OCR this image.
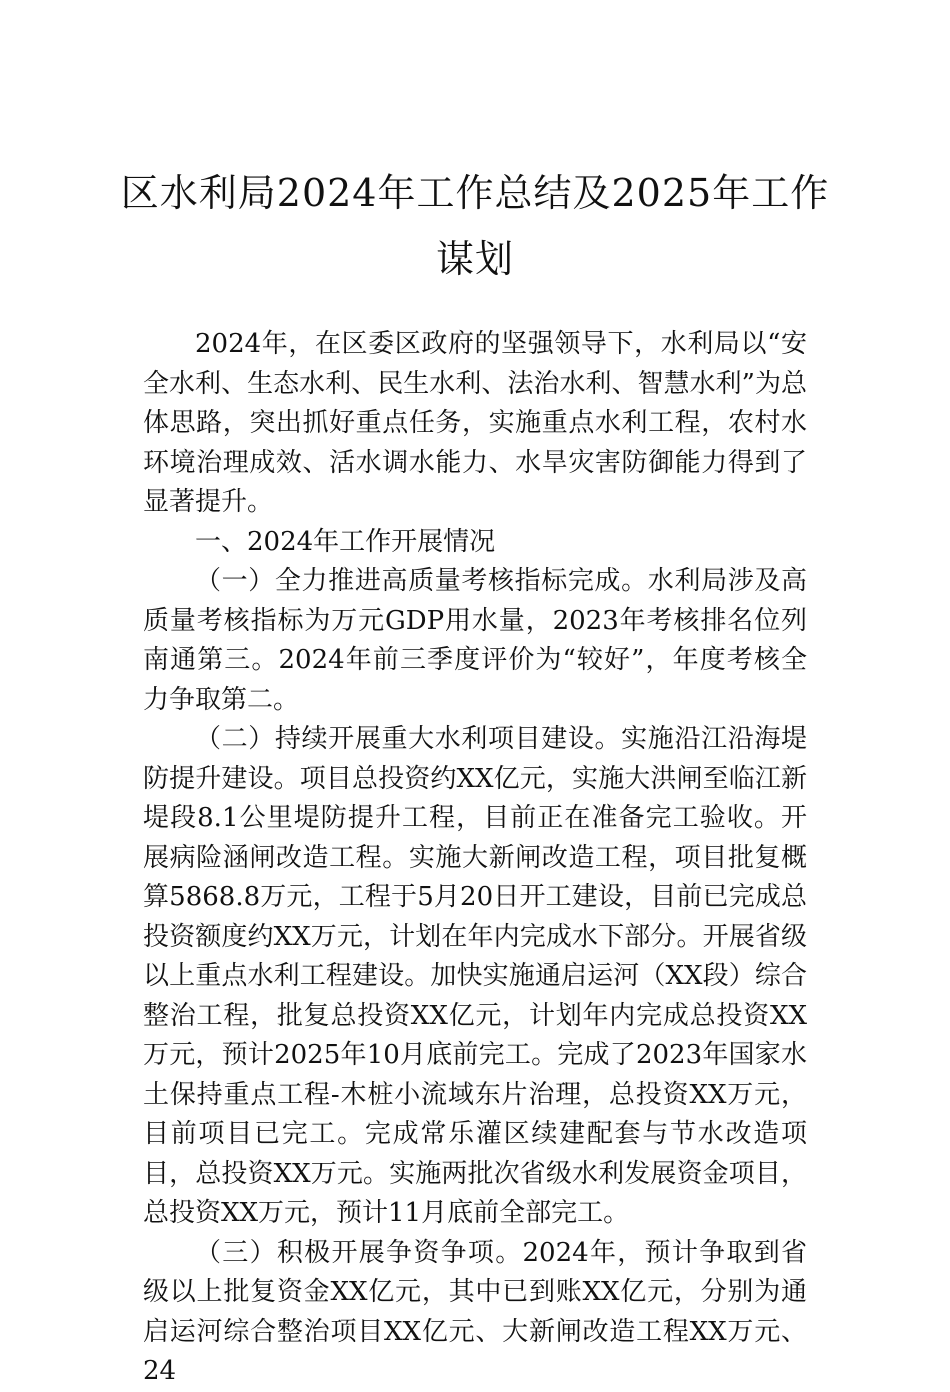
区水利局2024年工作总结及2025年工作谋划

2024年，在区委区政府的坚强领导下，水利局以“安全水利、生态水利、民生水利、法治水利、智慧水利”为总体思路，突出抓好重点任务，实施重点水利工程，农村水环境治理成效、活水调水能力、水旱灾害防御能力得到了显著提升。

一、2024年工作开展情况

（一）全力推进高质量考核指标完成。水利局涉及高质量考核指标为万元GDP用水量，2023年考核排名位列南通第三。2024年前三季度评价为“较好”，年度考核全力争取第二。

（二）持续开展重大水利项目建设。实施沿江沿海堤防提升建设。项目总投资约XX亿元，实施大洪闸至临江新堤段8.1公里堤防提升工程，目前正在准备完工验收。开展病险涵闸改造工程。实施大新闸改造工程，项目批复概算5868.8万元，工程于5月20日开工建设，目前已完成总投资额度约XX万元，计划在年内完成水下部分。开展省级以上重点水利工程建设。加快实施通启运河（XX段）综合整治工程，批复总投资XX亿元，计划年内完成总投资XX万元，预计2025年10月底前完工。完成了2023年国家水土保持重点工程-木桩小流域东片治理，总投资XX万元，目前项目已完工。完成常乐灌区续建配套与节水改造项目，总投资XX万元。实施两批次省级水利发展资金项目，总投资XX万元，预计11月底前全部完工。

（三）积极开展争资争项。2024年，预计争取到省级以上批复资金XX亿元，其中已到账XX亿元，分别为通启运河综合整治项目XX亿元、大新闸改造工程XX万元、24
